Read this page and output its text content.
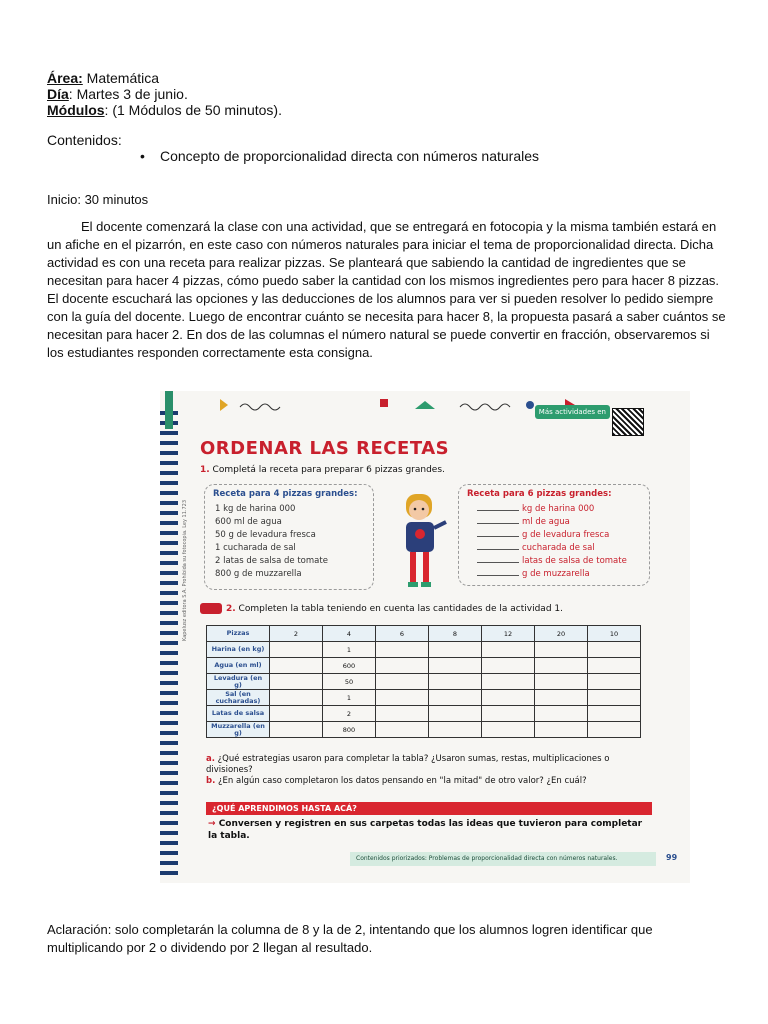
Área: Matemática
Día: Martes 3 de junio.
Módulos: (1 Módulos de 50 minutos).
Contenidos:
• Concepto de proporcionalidad directa con números naturales
Inicio: 30 minutos
El docente comenzará la clase con una actividad, que se entregará en fotocopia y la misma también estará en un afiche en el pizarrón, en este caso con números naturales para iniciar el tema de proporcionalidad directa. Dicha actividad es con una receta para realizar pizzas. Se planteará que sabiendo la cantidad de ingredientes que se necesitan para hacer 4 pizzas, cómo puedo saber la cantidad con los mismos ingredientes pero para hacer 8 pizzas. El docente escuchará las opciones y las deducciones de los alumnos para ver si pueden resolver lo pedido siempre con la guía del docente. Luego de encontrar cuánto se necesita para hacer 8, la propuesta pasará a saber cuántos se necesitan para hacer 2. En dos de las columnas el número natural se puede convertir en fracción, observaremos si los estudiantes responden correctamente esta consigna.
Más actividades en
ORDENAR LAS RECETAS
1. Completá la receta para preparar 6 pizzas grandes.
Receta para 4 pizzas grandes:
1 kg de harina 000
600 ml de agua
50 g de levadura fresca
1 cucharada de sal
2 latas de salsa de tomate
800 g de muzzarella
Receta para 6 pizzas grandes:
kg de harina 000
ml de agua
g de levadura fresca
cucharada de sal
latas de salsa de tomate
g de muzzarella
2. Completen la tabla teniendo en cuenta las cantidades de la actividad 1.
Pizzas	2	4	6	8	12	20	10
Harina (en kg)		1					
Agua (en ml)		600					
Levadura (en g)		50					
Sal (en cucharadas)		1					
Latas de salsa		2					
Muzzarella (en g)		800					
a. ¿Qué estrategias usaron para completar la tabla? ¿Usaron sumas, restas, multiplicaciones o divisiones?
b. ¿En algún caso completaron los datos pensando en "la mitad" de otro valor? ¿En cuál?
¿QUÉ APRENDIMOS HASTA ACÁ?
→ Conversen y registren en sus carpetas todas las ideas que tuvieron para completar la tabla.
Kapelusz editora S.A. Prohibida su fotocopia. Ley 11.723
Contenidos priorizados: Problemas de proporcionalidad directa con números naturales.	99
Aclaración: solo completarán la columna de 8 y la de 2, intentando que los alumnos logren identificar que multiplicando por 2 o dividendo por 2 llegan al resultado.
